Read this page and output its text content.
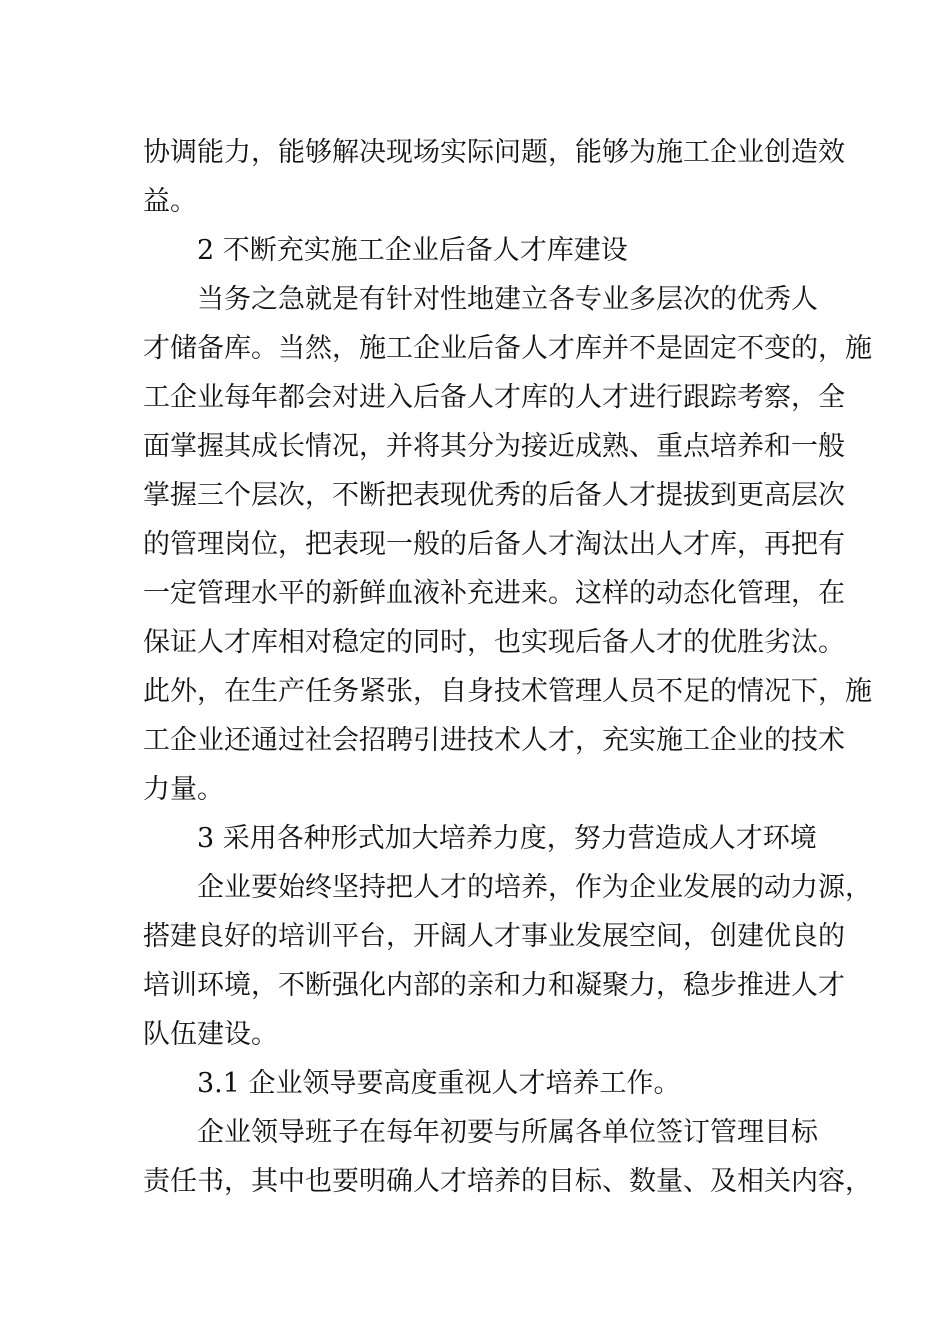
协调能力，能够解决现场实际问题，能够为施工企业创造效
益。
2 不断充实施工企业后备人才库建设
当务之急就是有针对性地建立各专业多层次的优秀人
才储备库。当然，施工企业后备人才库并不是固定不变的，施
工企业每年都会对进入后备人才库的人才进行跟踪考察，全
面掌握其成长情况，并将其分为接近成熟、重点培养和一般
掌握三个层次，不断把表现优秀的后备人才提拔到更高层次
的管理岗位，把表现一般的后备人才淘汰出人才库，再把有
一定管理水平的新鲜血液补充进来。这样的动态化管理，在
保证人才库相对稳定的同时，也实现后备人才的优胜劣汰。
此外，在生产任务紧张，自身技术管理人员不足的情况下，施
工企业还通过社会招聘引进技术人才，充实施工企业的技术
力量。
3 采用各种形式加大培养力度，努力营造成人才环境
企业要始终坚持把人才的培养，作为企业发展的动力源，
搭建良好的培训平台，开阔人才事业发展空间，创建优良的
培训环境，不断强化内部的亲和力和凝聚力，稳步推进人才
队伍建设。
3.1 企业领导要高度重视人才培养工作。
企业领导班子在每年初要与所属各单位签订管理目标
责任书，其中也要明确人才培养的目标、数量、及相关内容，
